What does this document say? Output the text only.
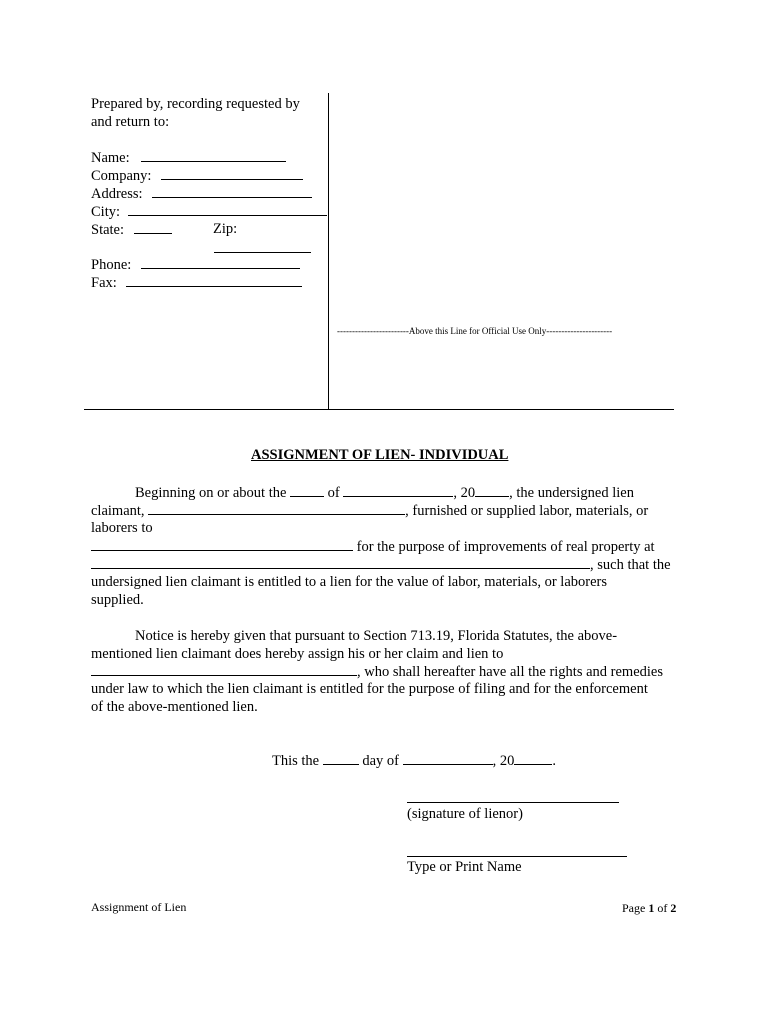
Prepared by, recording requested by
and return to:
Name:
Company:
Address:
City:
State:	Zip:
Phone:
Fax:
------------------------Above this Line for Official Use Only----------------------
ASSIGNMENT OF LIEN- INDIVIDUAL
Beginning on or about the	of	, 20 , the undersigned lien
claimant,	, furnished or supplied labor, materials, or
laborers to
for the purpose of improvements of real property at
, such that the
undersigned lien claimant is entitled to a lien for the value of labor, materials, or laborers
supplied.
Notice is hereby given that pursuant to Section 713.19, Florida Statutes, the above-
mentioned lien claimant does hereby assign his or her claim and lien to
, who shall hereafter have all the rights and remedies
under law to which the lien claimant is entitled for the purpose of filing and for the enforcement
of the above-mentioned lien.
This the	day of	, 20	.
(signature of lienor)
Type or Print Name
Assignment of Lien	Page 1 of 2
